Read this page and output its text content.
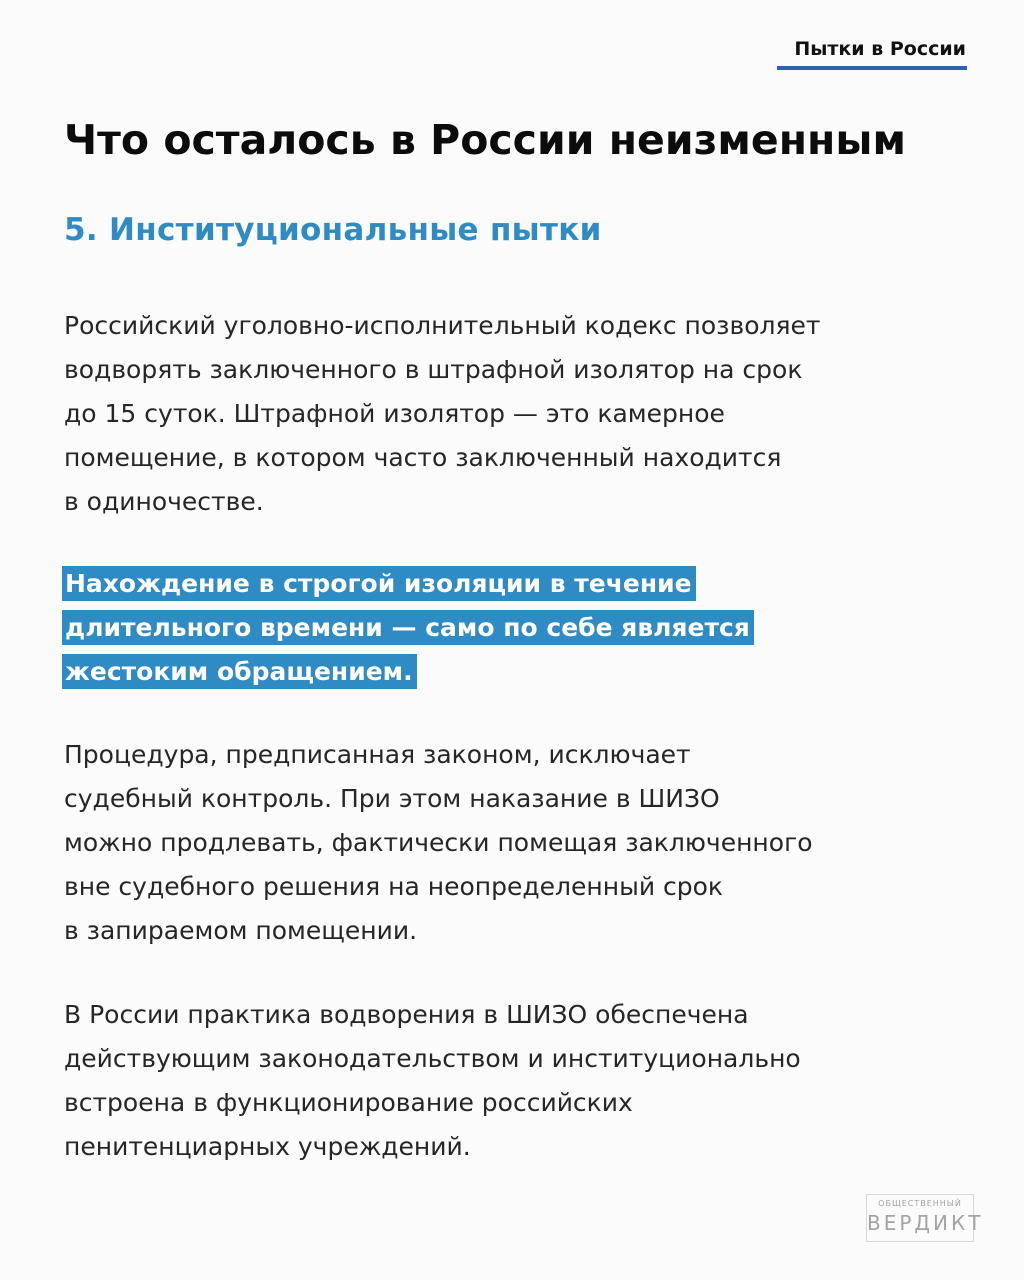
Пытки в России
Что осталось в России неизменным
5. Институциональные пытки

Российский уголовно-исполнительный кодекс позволяет
водворять заключенного в штрафной изолятор на срок
до 15 суток. Штрафной изолятор — это камерное
помещение, в котором часто заключенный находится
в одиночестве.

Нахождение в строгой изоляции в течение
длительного времени — само по себе является
жестоким обращением.

Процедура, предписанная законом, исключает
судебный контроль. При этом наказание в ШИЗО
можно продлевать, фактически помещая заключенного
вне судебного решения на неопределенный срок
в запираемом помещении.

В России практика водворения в ШИЗО обеспечена
действующим законодательством и институционально
встроена в функционирование российских
пенитенциарных учреждений.

ОБЩЕСТВЕННЫЙ
ВЕРДИКТ
